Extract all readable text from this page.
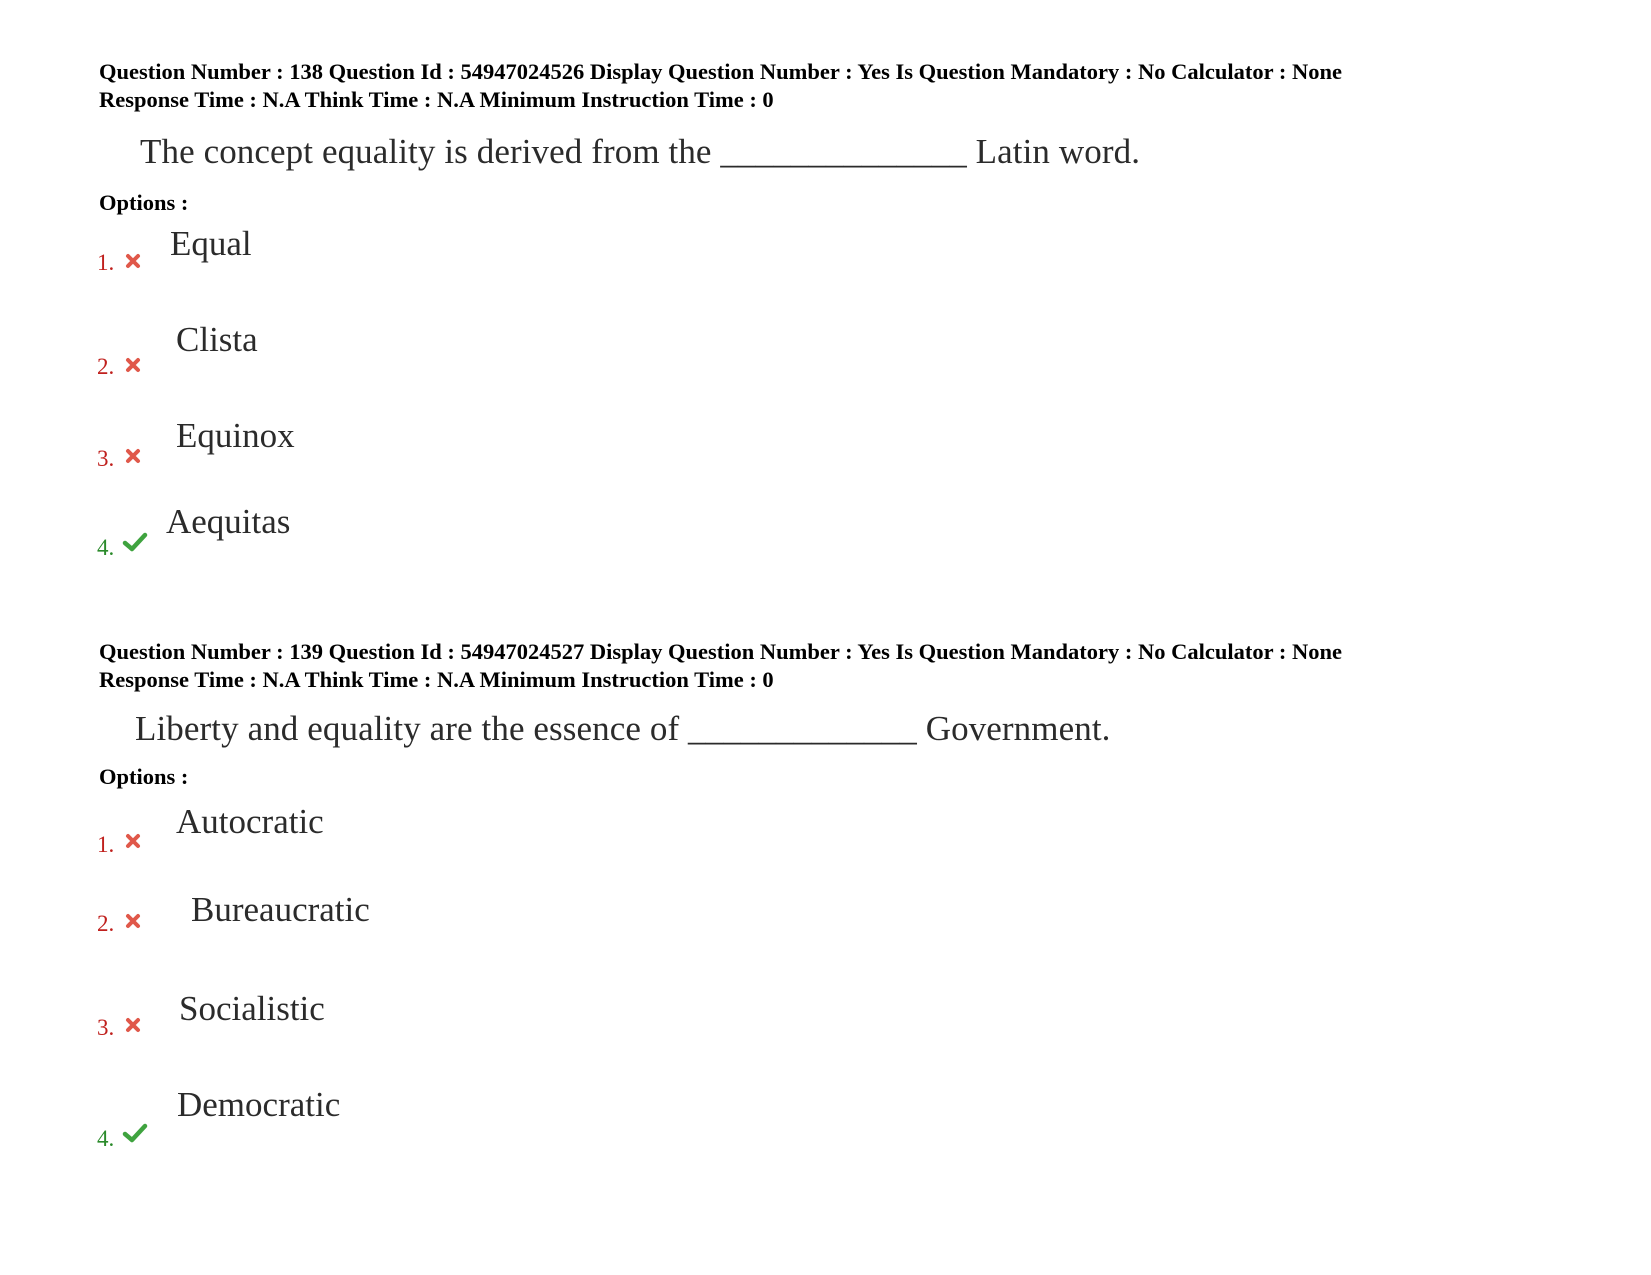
Question Number : 138 Question Id : 54947024526 Display Question Number : Yes Is Question Mandatory : No Calculator : None
Response Time : N.A Think Time : N.A Minimum Instruction Time : 0
The concept equality is derived from the ______________ Latin word.
Options :
1. Equal
2.
Clista
3.
Equinox
4.
Aequitas
Question Number : 139 Question Id : 54947024527 Display Question Number : Yes Is Question Mandatory : No Calculator : None
Response Time : N.A Think Time : N.A Minimum Instruction Time : 0
Liberty and equality are the essence of _____________ Government.
Options :
1.
Autocratic
2. Bureaucratic
3. Socialistic
4.
Democratic
